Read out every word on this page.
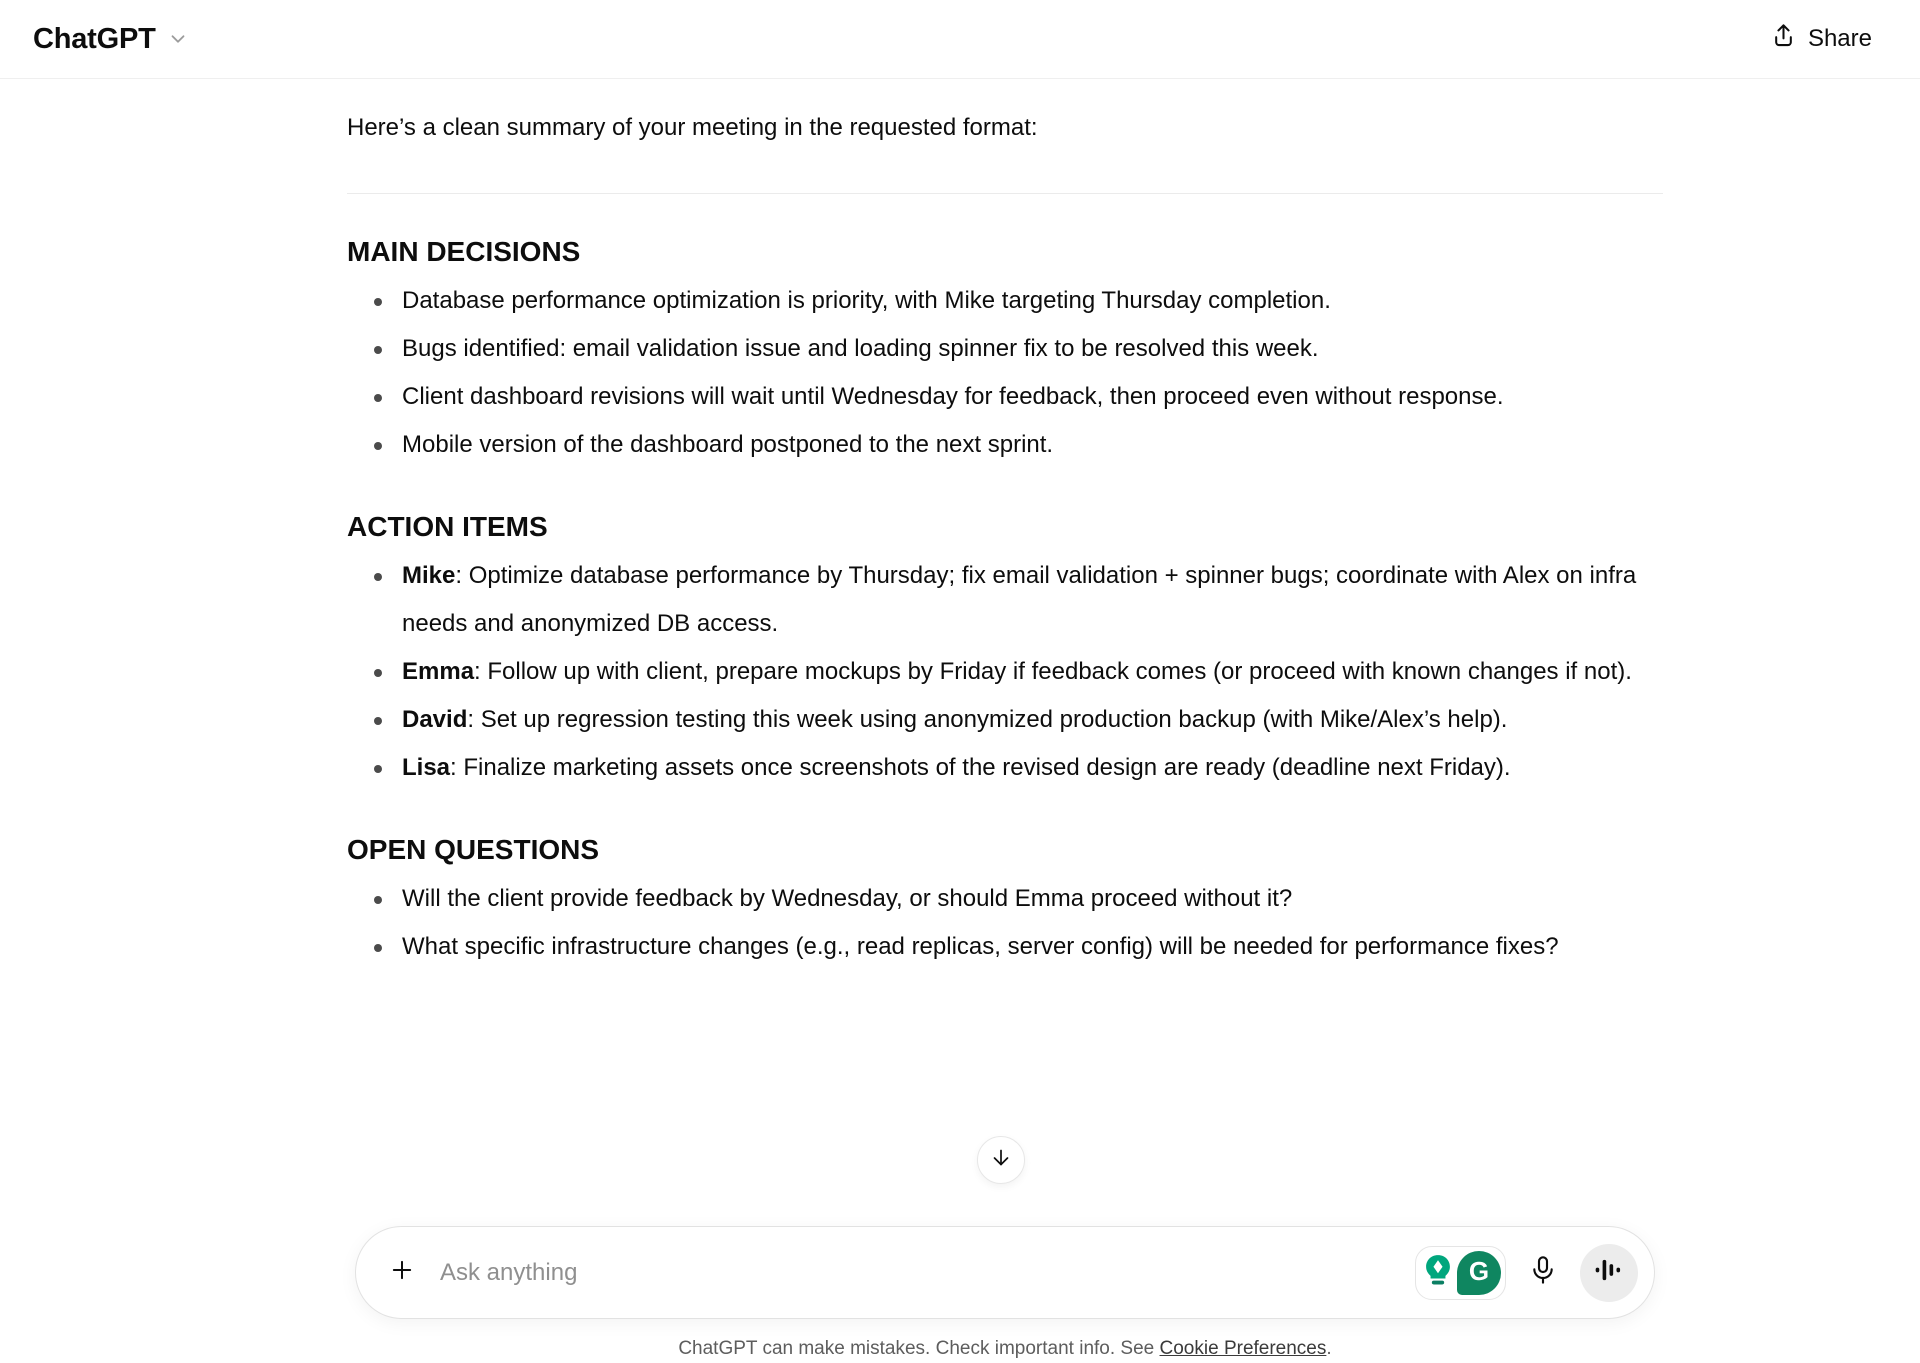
ChatGPT	Share

Here’s a clean summary of your meeting in the requested format:

MAIN DECISIONS
Database performance optimization is priority, with Mike targeting Thursday completion.
Bugs identified: email validation issue and loading spinner fix to be resolved this week.
Client dashboard revisions will wait until Wednesday for feedback, then proceed even without response.
Mobile version of the dashboard postponed to the next sprint.
ACTION ITEMS
Mike: Optimize database performance by Thursday; fix email validation + spinner bugs; coordinate with Alex on infra needs and anonymized DB access.
Emma: Follow up with client, prepare mockups by Friday if feedback comes (or proceed with known changes if not).
David: Set up regression testing this week using anonymized production backup (with Mike/Alex’s help).
Lisa: Finalize marketing assets once screenshots of the revised design are ready (deadline next Friday).
OPEN QUESTIONS
Will the client provide feedback by Wednesday, or should Emma proceed without it?
What specific infrastructure changes (e.g., read replicas, server config) will be needed for performance fixes?
Ask anything
G
ChatGPT can make mistakes. Check important info. See Cookie Preferences.
